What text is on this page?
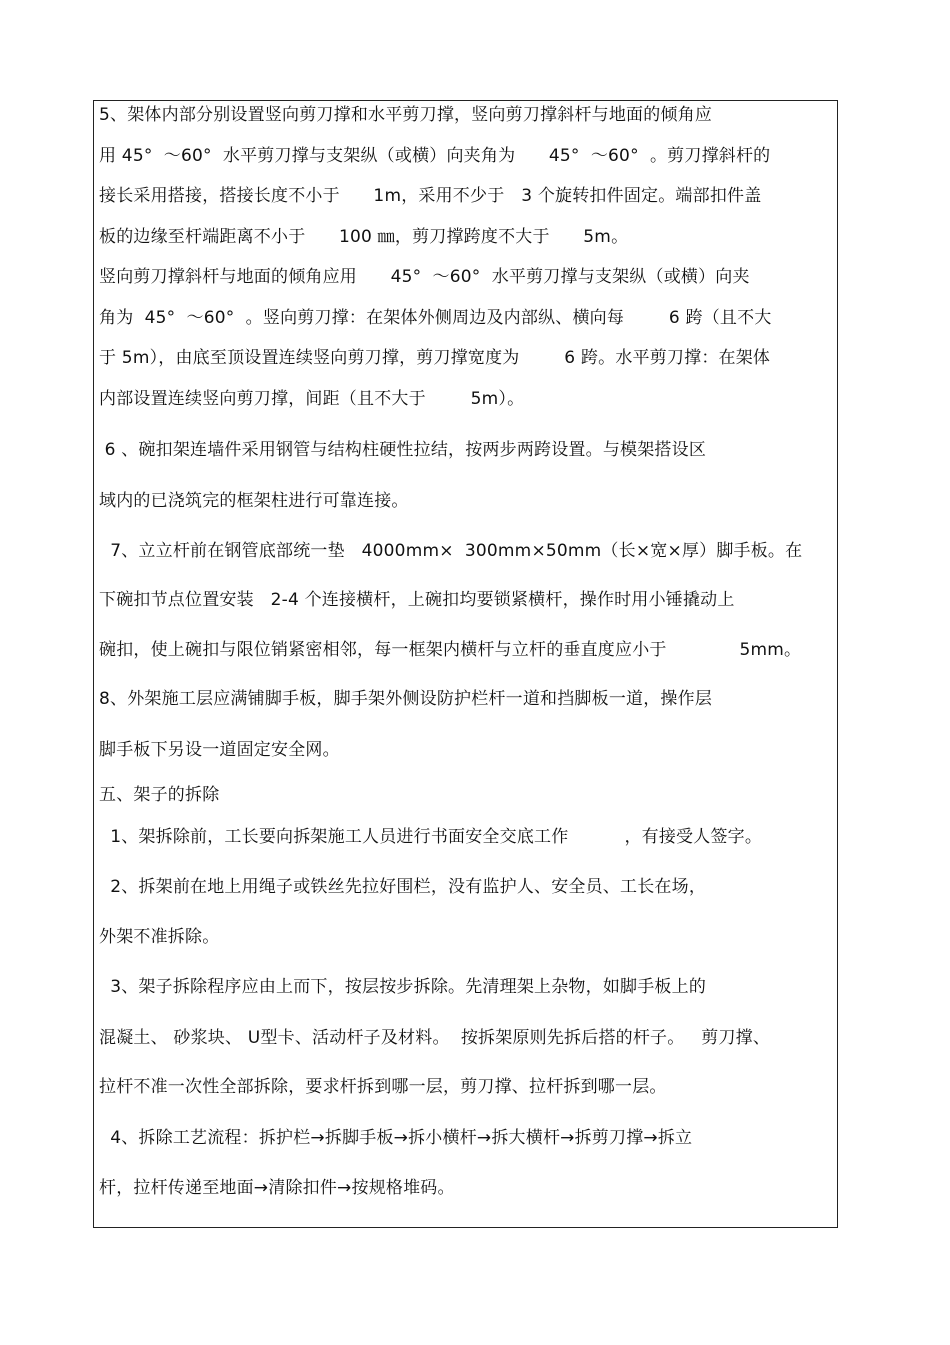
5、架体内部分别设置竖向剪刀撑和水平剪刀撑，竖向剪刀撑斜杆与地面的倾角应
用 45°  ～60°  水平剪刀撑与支架纵（或横）向夹角为      45°  ～60°  。剪刀撑斜杆的
接长采用搭接，搭接长度不小于      1m，采用不少于   3 个旋转扣件固定。端部扣件盖
板的边缘至杆端距离不小于      100 ㎜，剪刀撑跨度不大于      5m。
竖向剪刀撑斜杆与地面的倾角应用      45°  ～60°  水平剪刀撑与支架纵（或横）向夹
角为  45°  ～60°  。竖向剪刀撑：在架体外侧周边及内部纵、横向每        6 跨（且不大
于 5m），由底至顶设置连续竖向剪刀撑，剪刀撑宽度为        6 跨。水平剪刀撑：在架体
内部设置连续竖向剪刀撑，间距（且不大于        5m）。
6 、碗扣架连墙件采用钢管与结构柱硬性拉结，按两步两跨设置。与模架搭设区
域内的已浇筑完的框架柱进行可靠连接。
7、立立杆前在钢管底部统一垫   4000mm×  300mm×50mm（长×宽×厚）脚手板。在
下碗扣节点位置安装   2-4 个连接横杆，上碗扣均要锁紧横杆，操作时用小锤撬动上
碗扣，使上碗扣与限位销紧密相邻，每一框架内横杆与立杆的垂直度应小于             5mm。
8、外架施工层应满铺脚手板，脚手架外侧设防护栏杆一道和挡脚板一道，操作层
脚手板下另设一道固定安全网。
五、架子的拆除
1、架拆除前，工长要向拆架施工人员进行书面安全交底工作          ，有接受人签字。
2、拆架前在地上用绳子或铁丝先拉好围栏，没有监护人、安全员、工长在场，
外架不准拆除。
3、架子拆除程序应由上而下，按层按步拆除。先清理架上杂物，如脚手板上的
混凝土、 砂浆块、 U型卡、活动杆子及材料。  按拆架原则先拆后搭的杆子。   剪刀撑、
拉杆不准一次性全部拆除，要求杆拆到哪一层，剪刀撑、拉杆拆到哪一层。
4、拆除工艺流程：拆护栏→拆脚手板→拆小横杆→拆大横杆→拆剪刀撑→拆立
杆，拉杆传递至地面→清除扣件→按规格堆码。
